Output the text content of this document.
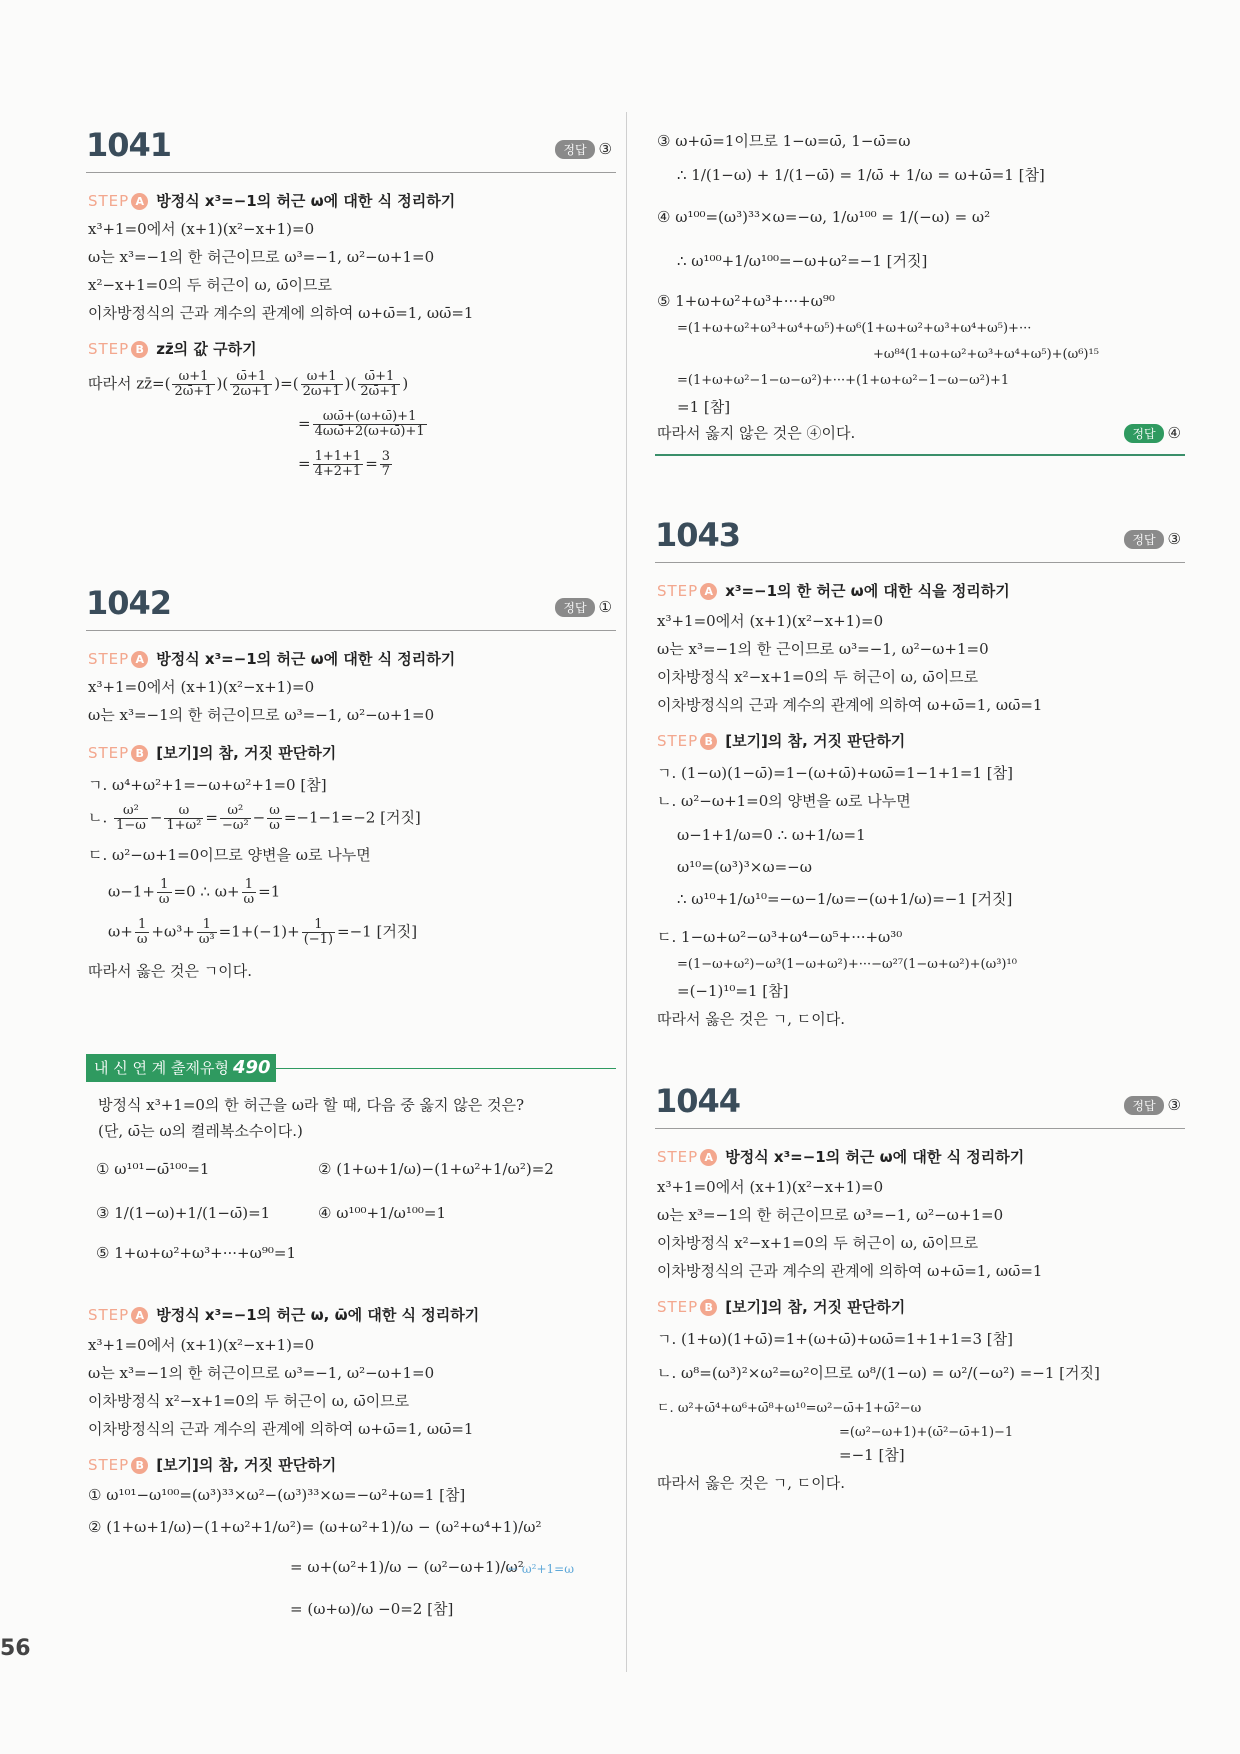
1041	정답 ③
STEP A 방정식 x³=−1의 허근 ω에 대한 식 정리하기
x³+1=0에서 (x+1)(x²−x+1)=0
ω는 x³=−1의 한 허근이므로 ω³=−1, ω²−ω+1=0
x²−x+1=0의 두 허근이 ω, ω̄이므로
이차방정식의 근과 계수의 관계에 의하여 ω+ω̄=1, ωω̄=1
STEP B zz̄의 값 구하기
따라서 zz̄=( $\frac{\omega+1}{2\omegā+1}$ )( $\frac{\omegā+1}{2\omega+1}$ )=( $\frac{\omega+1}{2\omega+1}$ )( $\frac{\omegā+1}{2\omegā+1}$ )
= $\frac{\omega\omegā+(\omega+\omegā)+1}{4\omega\omegā+2(\omega+\omegā)+1}$
= $\frac{1+1+1}{4+2+1} = \frac{3}{7}$
1042	정답 ①
STEP A 방정식 x³=−1의 허근 ω에 대한 식 정리하기
x³+1=0에서 (x+1)(x²−x+1)=0
ω는 x³=−1의 한 허근이므로 ω³=−1, ω²−ω+1=0
STEP B [보기]의 참, 거짓 판단하기
ㄱ. ω⁴+ω²+1=−ω+ω²+1=0 [참]
ㄴ. $\frac{\text{ω²}}{1-\omega} - \frac{\omega}{\text{1+ω²}} = \frac{\text{ω²}}{\text{−ω²}} - \frac{\omega}{\omega} =-1-1=-2$ [거짓]
ㄷ. ω²−ω+1=0이므로 양변을 ω로 나누면
$\omega-1+ \frac{1}{\omega} =0$ ∴ $\omega+ \frac{1}{\omega} =1$
$\omega+ \frac{1}{\omega} +\omega^3+ \frac{1}{\text{ω³}} =1+(-1)+ \frac{1}{(-1)} =-1$ [거짓]
따라서 옳은 것은 ㄱ이다.
내 신 연 계 출제유형 490
방정식 x³+1=0의 한 허근을 ω라 할 때, 다음 중 옳지 않은 것은?
(단, ω̄는 ω의 켤레복소수이다.)
① ω¹⁰¹−ω̄¹⁰⁰=1	② (1+ω+1/ω)−(1+ω²+1/ω²)=2
③ 1/(1−ω)+1/(1−ω̄)=1	④ ω¹⁰⁰+1/ω¹⁰⁰=1
⑤ 1+ω+ω²+ω³+···+ω⁹⁰=1
STEP A 방정식 x³=−1의 허근 ω, ω̄에 대한 식 정리하기
x³+1=0에서 (x+1)(x²−x+1)=0
ω는 x³=−1의 한 허근이므로 ω³=−1, ω²−ω+1=0
이차방정식 x²−x+1=0의 두 허근이 ω, ω̄이므로
이차방정식의 근과 계수의 관계에 의하여 ω+ω̄=1, ωω̄=1
STEP B [보기]의 참, 거짓 판단하기
① ω¹⁰¹−ω¹⁰⁰=(ω³)³³×ω²−(ω³)³³×ω=−ω²+ω=1 [참]
② (1+ω+1/ω)−(1+ω²+1/ω²)= (ω+ω²+1)/ω − (ω²+ω⁴+1)/ω²
= ω+(ω²+1)/ω − (ω²−ω+1)/ω²
← ω²+1=ω
= (ω+ω)/ω −0=2 [참]
56
③ ω+ω̄=1이므로 1−ω=ω̄, 1−ω̄=ω
∴ 1/(1−ω) + 1/(1−ω̄) = 1/ω̄ + 1/ω = ω+ω̄=1 [참]
④ ω¹⁰⁰=(ω³)³³×ω=−ω, 1/ω¹⁰⁰ = 1/(−ω) = ω²
∴ ω¹⁰⁰+1/ω¹⁰⁰=−ω+ω²=−1 [거짓]
⑤ 1+ω+ω²+ω³+···+ω⁹⁰
=(1+ω+ω²+ω³+ω⁴+ω⁵)+ω⁶(1+ω+ω²+ω³+ω⁴+ω⁵)+···
+ω⁸⁴(1+ω+ω²+ω³+ω⁴+ω⁵)+(ω⁶)¹⁵
=(1+ω+ω²−1−ω−ω²)+···+(1+ω+ω²−1−ω−ω²)+1
=1 [참]
따라서 옳지 않은 것은 ④이다.	정답 ④
1043	정답 ③
STEP A x³=−1의 한 허근 ω에 대한 식을 정리하기
x³+1=0에서 (x+1)(x²−x+1)=0
ω는 x³=−1의 한 근이므로 ω³=−1, ω²−ω+1=0
이차방정식 x²−x+1=0의 두 허근이 ω, ω̄이므로
이차방정식의 근과 계수의 관계에 의하여 ω+ω̄=1, ωω̄=1
STEP B [보기]의 참, 거짓 판단하기
ㄱ. (1−ω)(1−ω̄)=1−(ω+ω̄)+ωω̄=1−1+1=1 [참]
ㄴ. ω²−ω+1=0의 양변을 ω로 나누면
ω−1+1/ω=0 ∴ ω+1/ω=1
ω¹⁰=(ω³)³×ω=−ω
∴ ω¹⁰+1/ω¹⁰=−ω−1/ω=−(ω+1/ω)=−1 [거짓]
ㄷ. 1−ω+ω²−ω³+ω⁴−ω⁵+···+ω³⁰
=(1−ω+ω²)−ω³(1−ω+ω²)+···−ω²⁷(1−ω+ω²)+(ω³)¹⁰
=(−1)¹⁰=1 [참]
따라서 옳은 것은 ㄱ, ㄷ이다.
1044	정답 ③
STEP A 방정식 x³=−1의 허근 ω에 대한 식 정리하기
x³+1=0에서 (x+1)(x²−x+1)=0
ω는 x³=−1의 한 허근이므로 ω³=−1, ω²−ω+1=0
이차방정식 x²−x+1=0의 두 허근이 ω, ω̄이므로
이차방정식의 근과 계수의 관계에 의하여 ω+ω̄=1, ωω̄=1
STEP B [보기]의 참, 거짓 판단하기
ㄱ. (1+ω)(1+ω̄)=1+(ω+ω̄)+ωω̄=1+1+1=3 [참]
ㄴ. ω⁸=(ω³)²×ω²=ω²이므로 ω⁸/(1−ω) = ω²/(−ω²) =−1 [거짓]
ㄷ. ω²+ω̄⁴+ω⁶+ω̄⁸+ω¹⁰=ω²−ω̄+1+ω̄²−ω
=(ω²−ω+1)+(ω̄²−ω̄+1)−1
=−1 [참]
따라서 옳은 것은 ㄱ, ㄷ이다.
